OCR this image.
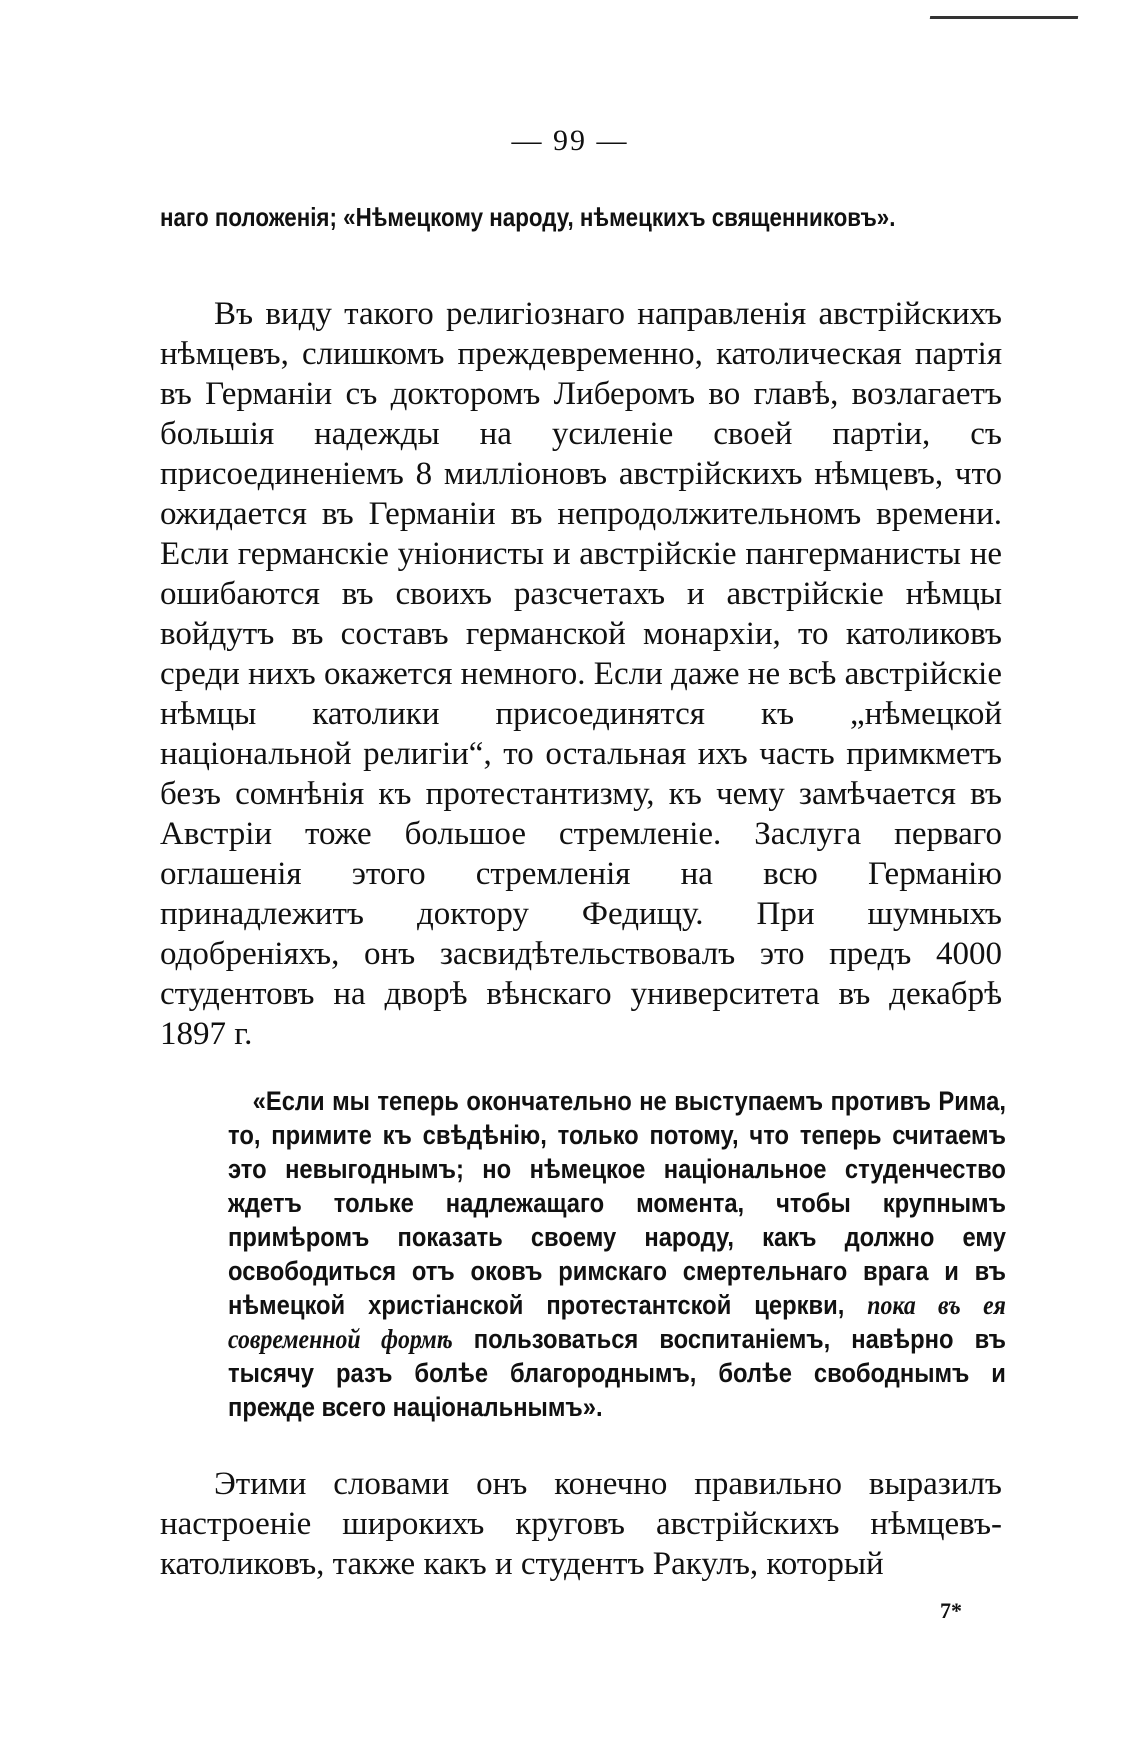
— 99 —
наго положенія; «Нѣмецкому народу, нѣмецкихъ священниковъ».

Въ виду такого религіознаго направленія австрійскихъ нѣмцевъ, слишкомъ преждевременно, католическая партія въ Германіи съ докторомъ Либеромъ во главѣ, возлагаетъ большія надежды на усиленіе своей партіи, съ присоединеніемъ 8 милліоновъ австрійскихъ нѣмцевъ, что ожидается въ Германіи въ непродолжительномъ времени. Если германскіе уніонисты и австрійскіе пангерманисты не ошибаются въ своихъ разсчетахъ и австрійскіе нѣмцы войдутъ въ составъ германской монархіи, то католиковъ среди нихъ окажется немного. Если даже не всѣ австрійскіе нѣмцы католики присоединятся къ „нѣмецкой національной религіи“, то остальная ихъ часть примкметъ безъ сомнѣнія къ протестантизму, къ чему замѣчается въ Австріи тоже большое стремленіе. Заслуга перваго оглашенія этого стремленія на всю Германію принадлежитъ доктору Федищу. При шумныхъ одобреніяхъ, онъ засвидѣтельствовалъ это предъ 4000 студентовъ на дворѣ вѣнскаго университета въ декабрѣ 1897 г.

«Если мы теперь окончательно не выступаемъ противъ Рима, то, примите къ свѣдѣнію, только потому, что теперь считаемъ это невыгоднымъ; но нѣмецкое національное студенчество ждетъ тольке надлежащаго момента, чтобы крупнымъ примѣромъ показать своему народу, какъ должно ему освободиться отъ оковъ римскаго смертельнаго врага и въ нѣмецкой христіанской протестантской церкви, пока въ ея современной формѣ пользоваться воспитаніемъ, навѣрно въ тысячу разъ болѣе благороднымъ, болѣе свободнымъ и прежде всего національнымъ».

Этими словами онъ конечно правильно выразилъ настроеніе широкихъ круговъ австрійскихъ нѣмцевъ-католиковъ, также какъ и студентъ Ракулъ, который

7*
